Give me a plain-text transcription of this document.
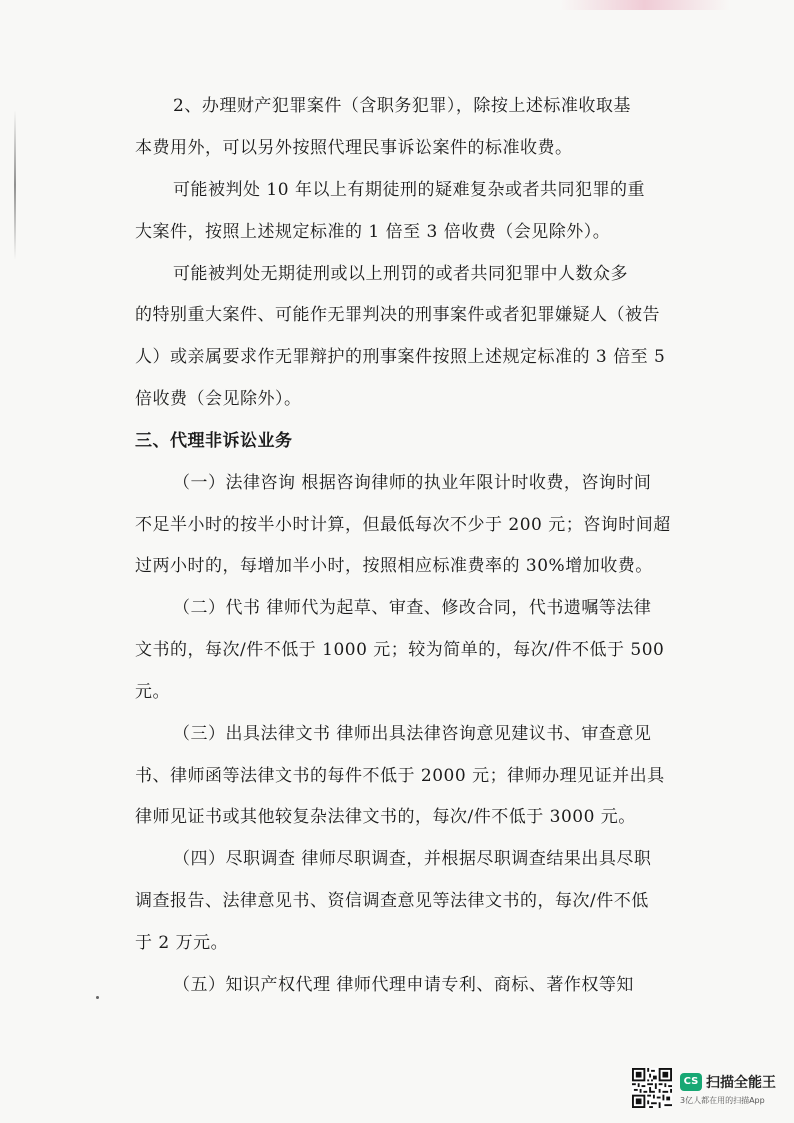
2、办理财产犯罪案件（含职务犯罪），除按上述标准收取基
本费用外，可以另外按照代理民事诉讼案件的标准收费。
可能被判处 10 年以上有期徒刑的疑难复杂或者共同犯罪的重
大案件，按照上述规定标准的 1 倍至 3 倍收费（会见除外）。
可能被判处无期徒刑或以上刑罚的或者共同犯罪中人数众多
的特别重大案件、可能作无罪判决的刑事案件或者犯罪嫌疑人（被告
人）或亲属要求作无罪辩护的刑事案件按照上述规定标准的 3 倍至 5
倍收费（会见除外）。
三、代理非诉讼业务
（一）法律咨询 根据咨询律师的执业年限计时收费，咨询时间
不足半小时的按半小时计算，但最低每次不少于 200 元；咨询时间超
过两小时的，每增加半小时，按照相应标准费率的 30%增加收费。
（二）代书 律师代为起草、审查、修改合同，代书遗嘱等法律
文书的，每次/件不低于 1000 元；较为简单的，每次/件不低于 500
元。
（三）出具法律文书 律师出具法律咨询意见建议书、审查意见
书、律师函等法律文书的每件不低于 2000 元；律师办理见证并出具
律师见证书或其他较复杂法律文书的，每次/件不低于 3000 元。
（四）尽职调查 律师尽职调查，并根据尽职调查结果出具尽职
调查报告、法律意见书、资信调查意见等法律文书的，每次/件不低
于 2 万元。
（五）知识产权代理 律师代理申请专利、商标、著作权等知
CS 扫描全能王
3亿人都在用的扫描App
